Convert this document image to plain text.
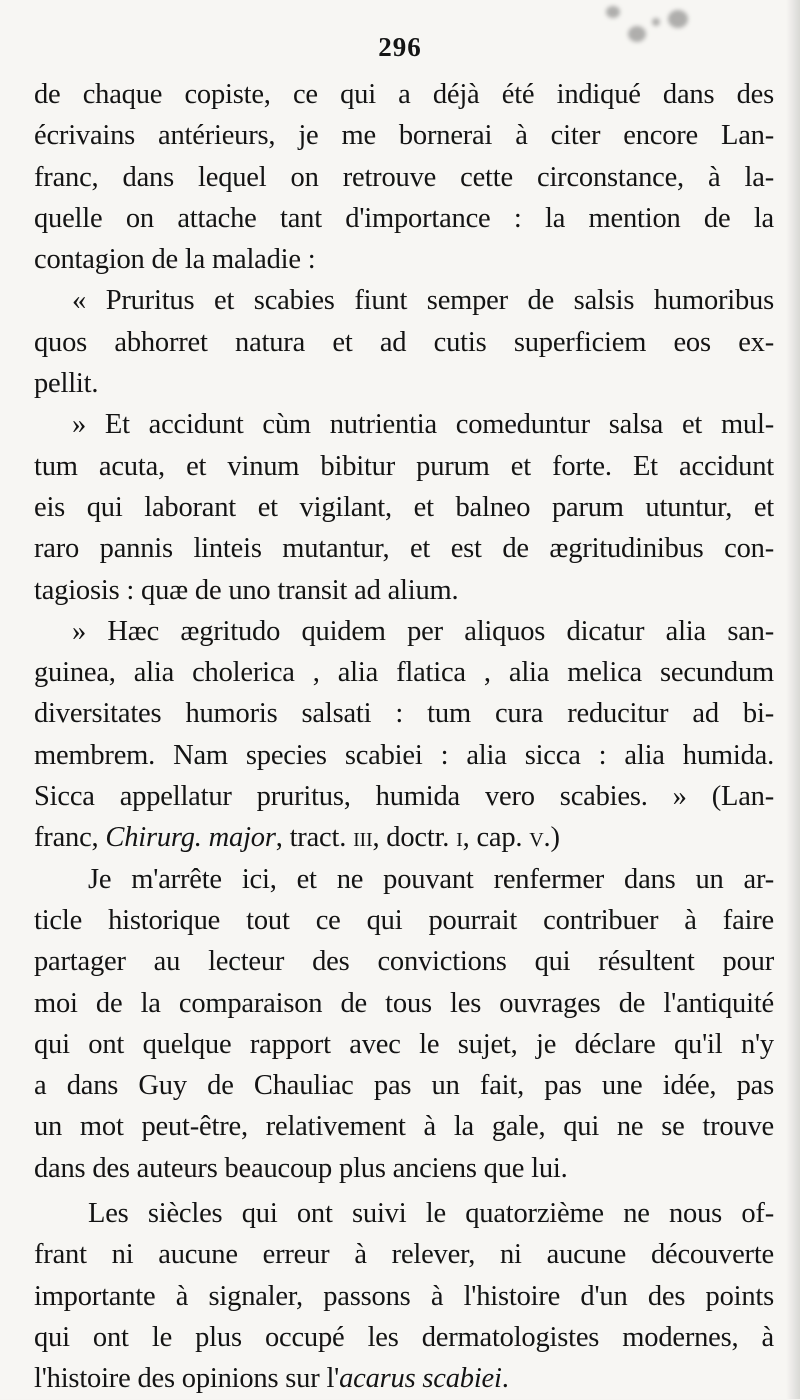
296
de chaque copiste, ce qui a déjà été indiqué dans des
écrivains antérieurs, je me bornerai à citer encore Lan-
franc, dans lequel on retrouve cette circonstance, à la-
quelle on attache tant d'importance : la mention de la
contagion de la maladie :
« Pruritus et scabies fiunt semper de salsis humoribus
quos abhorret natura et ad cutis superficiem eos ex-
pellit.
» Et accidunt cùm nutrientia comeduntur salsa et mul-
tum acuta, et vinum bibitur purum et forte. Et accidunt
eis qui laborant et vigilant, et balneo parum utuntur, et
raro pannis linteis mutantur, et est de ægritudinibus con-
tagiosis : quæ de uno transit ad alium.
» Hæc ægritudo quidem per aliquos dicatur alia san-
guinea, alia cholerica , alia flatica , alia melica secundum
diversitates humoris salsati : tum cura reducitur ad bi-
membrem. Nam species scabiei : alia sicca : alia humida.
Sicca appellatur pruritus, humida vero scabies. » (Lan-
franc, Chirurg. major, tract. iii, doctr. i, cap. v.)
Je m'arrête ici, et ne pouvant renfermer dans un ar-
ticle historique tout ce qui pourrait contribuer à faire
partager au lecteur des convictions qui résultent pour
moi de la comparaison de tous les ouvrages de l'antiquité
qui ont quelque rapport avec le sujet, je déclare qu'il n'y
a dans Guy de Chauliac pas un fait, pas une idée, pas
un mot peut-être, relativement à la gale, qui ne se trouve
dans des auteurs beaucoup plus anciens que lui.
Les siècles qui ont suivi le quatorzième ne nous of-
frant ni aucune erreur à relever, ni aucune découverte
importante à signaler, passons à l'histoire d'un des points
qui ont le plus occupé les dermatologistes modernes, à
l'histoire des opinions sur l'acarus scabiei.
